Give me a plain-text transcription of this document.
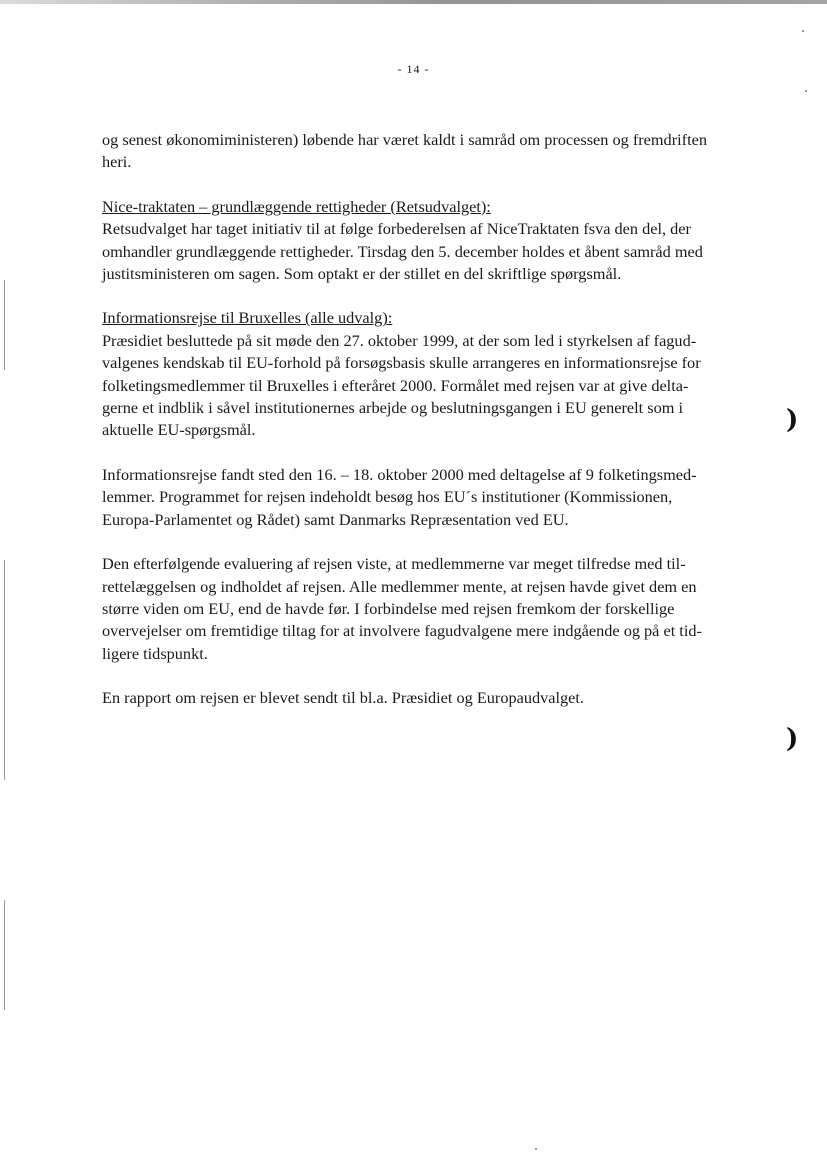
- 14 -

og senest økonomiministeren) løbende har været kaldt i samråd om processen og fremdriften
heri.

Nice-traktaten – grundlæggende rettigheder (Retsudvalget):
Retsudvalget har taget initiativ til at følge forbederelsen af NiceTraktaten fsva den del, der
omhandler grundlæggende rettigheder. Tirsdag den 5. december holdes et åbent samråd med
justitsministeren om sagen. Som optakt er der stillet en del skriftlige spørgsmål.

Informationsrejse til Bruxelles (alle udvalg):
Præsidiet besluttede på sit møde den 27. oktober 1999, at der som led i styrkelsen af fagud-
valgenes kendskab til EU-forhold på forsøgsbasis skulle arrangeres en informationsrejse for
folketingsmedlemmer til Bruxelles i efteråret 2000. Formålet med rejsen var at give delta-
gerne et indblik i såvel institutionernes arbejde og beslutningsgangen i EU generelt som i
aktuelle EU-spørgsmål.

Informationsrejse fandt sted den 16. – 18. oktober 2000 med deltagelse af 9 folketingsmed-
lemmer. Programmet for rejsen indeholdt besøg hos EU´s institutioner (Kommissionen,
Europa-Parlamentet og Rådet) samt Danmarks Repræsentation ved EU.

Den efterfølgende evaluering af rejsen viste, at medlemmerne var meget tilfredse med til-
rettelæggelsen og indholdet af rejsen. Alle medlemmer mente, at rejsen havde givet dem en
større viden om EU, end de havde før. I forbindelse med rejsen fremkom der forskellige
overvejelser om fremtidige tiltag for at involvere fagudvalgene mere indgående og på et tid-
ligere tidspunkt.

En rapport om rejsen er blevet sendt til bl.a. Præsidiet og Europaudvalget.

)
)
